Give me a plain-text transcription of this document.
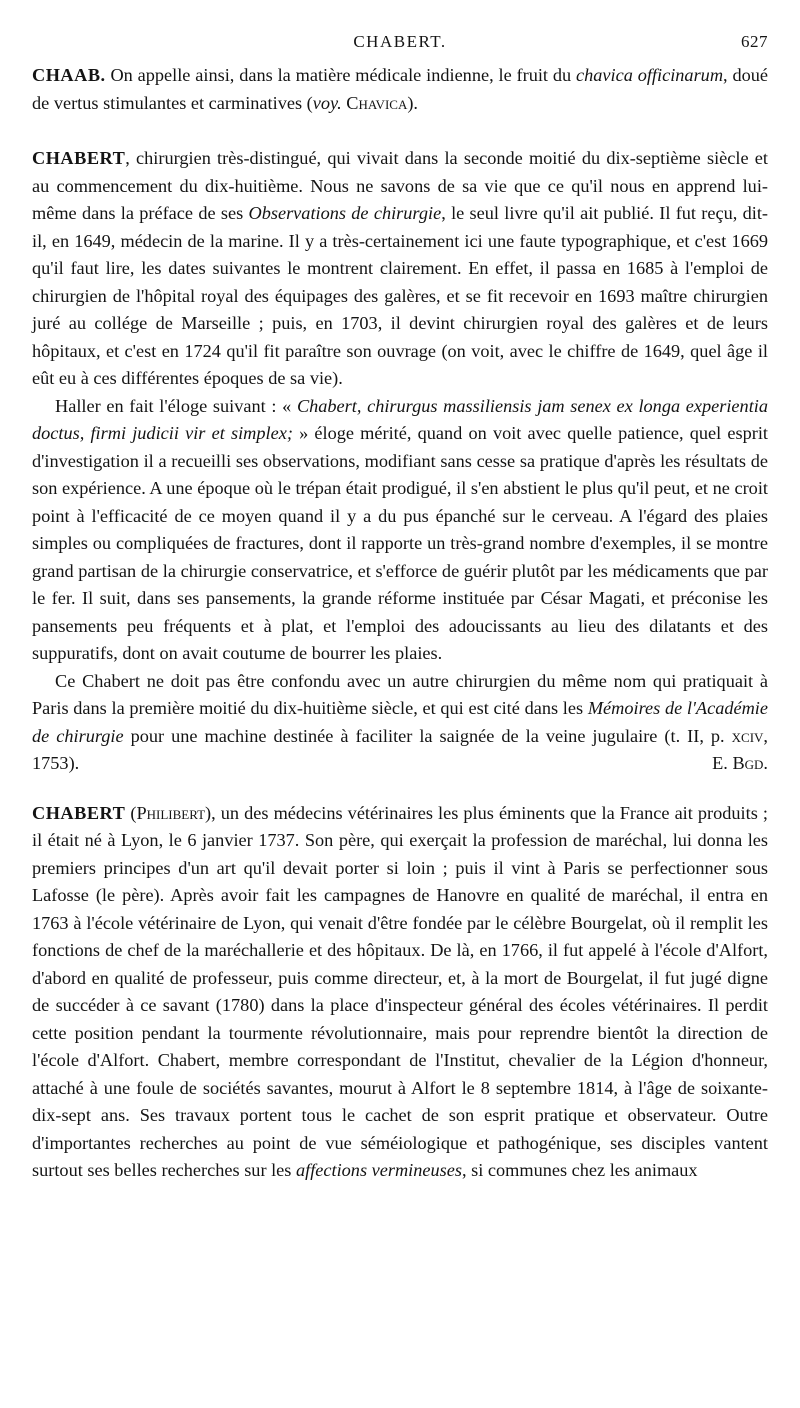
CHABERT.	627

CHAAB. On appelle ainsi, dans la matière médicale indienne, le fruit du chavica officinarum, doué de vertus stimulantes et carminatives (voy. Chavica).

CHABERT, chirurgien très-distingué, qui vivait dans la seconde moitié du dix-septième siècle et au commencement du dix-huitième. Nous ne savons de sa vie que ce qu'il nous en apprend lui-même dans la préface de ses Observations de chirurgie, le seul livre qu'il ait publié. Il fut reçu, dit-il, en 1649, médecin de la marine. Il y a très-certainement ici une faute typographique, et c'est 1669 qu'il faut lire, les dates suivantes le montrent clairement. En effet, il passa en 1685 à l'emploi de chirurgien de l'hôpital royal des équipages des galères, et se fit recevoir en 1693 maître chirurgien juré au collége de Marseille ; puis, en 1703, il devint chirurgien royal des galères et de leurs hôpitaux, et c'est en 1724 qu'il fit paraître son ouvrage (on voit, avec le chiffre de 1649, quel âge il eût eu à ces différentes époques de sa vie).

Haller en fait l'éloge suivant : « Chabert, chirurgus massiliensis jam senex ex longa experientia doctus, firmi judicii vir et simplex; » éloge mérité, quand on voit avec quelle patience, quel esprit d'investigation il a recueilli ses observations, modifiant sans cesse sa pratique d'après les résultats de son expérience. A une époque où le trépan était prodigué, il s'en abstient le plus qu'il peut, et ne croit point à l'efficacité de ce moyen quand il y a du pus épanché sur le cerveau. A l'égard des plaies simples ou compliquées de fractures, dont il rapporte un très-grand nombre d'exemples, il se montre grand partisan de la chirurgie conservatrice, et s'efforce de guérir plutôt par les médicaments que par le fer. Il suit, dans ses pansements, la grande réforme instituée par César Magati, et préconise les pansements peu fréquents et à plat, et l'emploi des adoucissants au lieu des dilatants et des suppuratifs, dont on avait coutume de bourrer les plaies.

Ce Chabert ne doit pas être confondu avec un autre chirurgien du même nom qui pratiquait à Paris dans la première moitié du dix-huitième siècle, et qui est cité dans les Mémoires de l'Académie de chirurgie pour une machine destinée à faciliter la saignée de la veine jugulaire (t. II, p. xciv, 1753).	E. Bgd.

CHABERT (Philibert), un des médecins vétérinaires les plus éminents que la France ait produits ; il était né à Lyon, le 6 janvier 1737. Son père, qui exerçait la profession de maréchal, lui donna les premiers principes d'un art qu'il devait porter si loin ; puis il vint à Paris se perfectionner sous Lafosse (le père). Après avoir fait les campagnes de Hanovre en qualité de maréchal, il entra en 1763 à l'école vétérinaire de Lyon, qui venait d'être fondée par le célèbre Bourgelat, où il remplit les fonctions de chef de la maréchallerie et des hôpitaux. De là, en 1766, il fut appelé à l'école d'Alfort, d'abord en qualité de professeur, puis comme directeur, et, à la mort de Bourgelat, il fut jugé digne de succéder à ce savant (1780) dans la place d'inspecteur général des écoles vétérinaires. Il perdit cette position pendant la tourmente révolutionnaire, mais pour reprendre bientôt la direction de l'école d'Alfort. Chabert, membre correspondant de l'Institut, chevalier de la Légion d'honneur, attaché à une foule de sociétés savantes, mourut à Alfort le 8 septembre 1814, à l'âge de soixante-dix-sept ans. Ses travaux portent tous le cachet de son esprit pratique et observateur. Outre d'importantes recherches au point de vue séméiologique et pathogénique, ses disciples vantent surtout ses belles recherches sur les affections vermineuses, si communes chez les animaux
